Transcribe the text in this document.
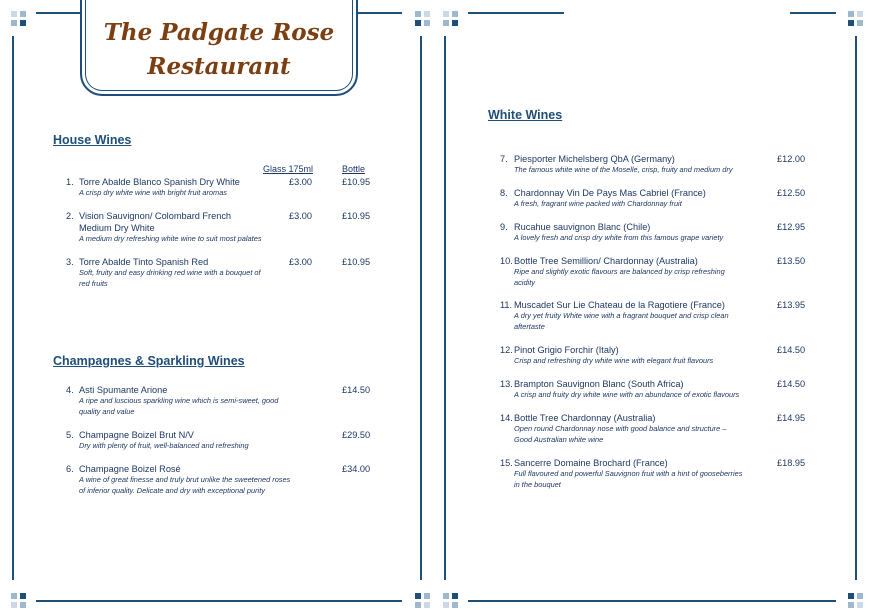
The Padgate Rose
Restaurant
House Wines
Glass 175ml	Bottle
1. Torre Abalde Blanco Spanish Dry White	£3.00	£10.95
A crisp dry white wine with bright fruit aromas
2. Vision Sauvignon/ Colombard French
Medium Dry White
£3.00	£10.95
A medium dry refreshing white wine to suit most palates
3. Torre Abalde Tinto Spanish Red	£3.00	£10.95
Soft, fruity and easy drinking red wine with a bouquet of
red fruits
Champagnes & Sparkling Wines
4. Asti Spumante Arione	£14.50
A ripe and luscious sparkling wine which is semi-sweet, good
quality and value
5. Champagne Boizel Brut N/V	£29.50
Dry with plenty of fruit, well-balanced and refreshing
6. Champagne Boizel Rosé	£34.00
A wine of great finesse and truly brut unlike the sweetened roses
of inferior quality. Delicate and dry with exceptional purity
White Wines
7. Piesporter Michelsberg QbA (Germany)	£12.00
The famous white wine of the Moselle, crisp, fruity and medium dry
8. Chardonnay Vin De Pays Mas Cabriel (France)	£12.50
A fresh, fragrant wine packed with Chardonnay fruit
9. Rucahue sauvignon Blanc (Chile)	£12.95
A lovely fresh and crisp dry white from this famous grape variety
10. Bottle Tree Semillion/ Chardonnay (Australia)	£13.50
Ripe and slightly exotic flavours are balanced by crisp refreshing
acidity
11. Muscadet Sur Lie Chateau de la Ragotiere (France)	£13.95
A dry yet fruity White wine with a fragrant bouquet and crisp clean
aftertaste
12. Pinot Grigio Forchir (Italy)	£14.50
Crisp and refreshing dry white wine with elegant fruit flavours
13. Brampton Sauvignon Blanc (South Africa)	£14.50
A crisp and fruity dry white wine with an abundance of exotic flavours
14. Bottle Tree Chardonnay (Australia)	£14.95
Open round Chardonnay nose with good balance and structure –
Good Australian white wine
15. Sancerre Domaine Brochard (France)	£18.95
Full flavoured and powerful Sauvignon fruit with a hint of gooseberries
in the bouquet
